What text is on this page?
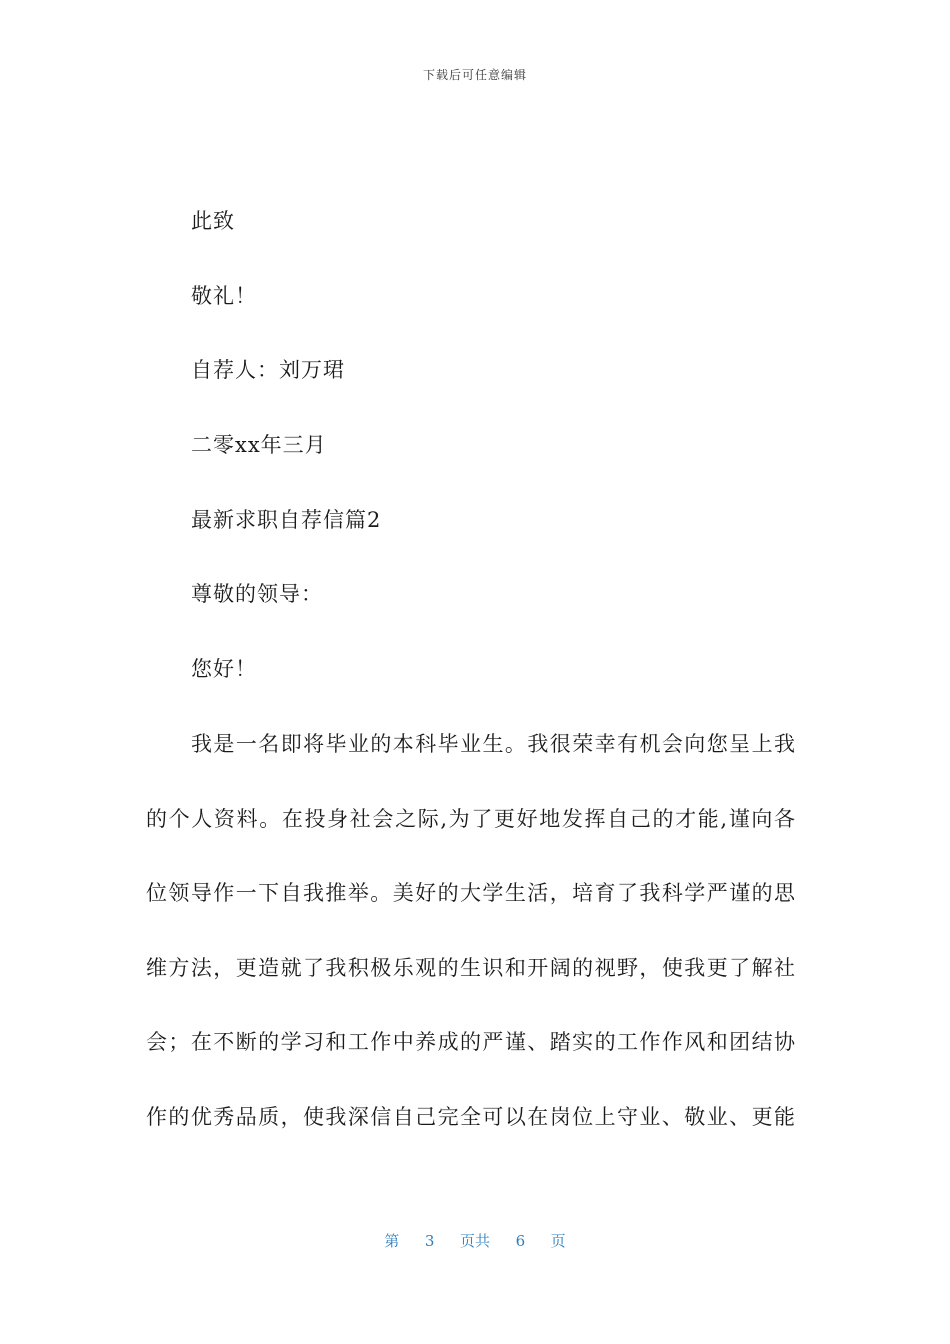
下载后可任意编辑
此致
敬礼！
自荐人：刘万珺
二零xx年三月
最新求职自荐信篇2
尊敬的领导：
您好！
我是一名即将毕业的本科毕业生。我很荣幸有机会向您呈上我
的个人资料。在投身社会之际,为了更好地发挥自己的才能,谨向各
位领导作一下自我推举。美好的大学生活，培育了我科学严谨的思
维方法，更造就了我积极乐观的生识和开阔的视野，使我更了解社
会；在不断的学习和工作中养成的严谨、踏实的工作作风和团结协
作的优秀品质，使我深信自己完全可以在岗位上守业、敬业、更能
第 3 页共 6 页
